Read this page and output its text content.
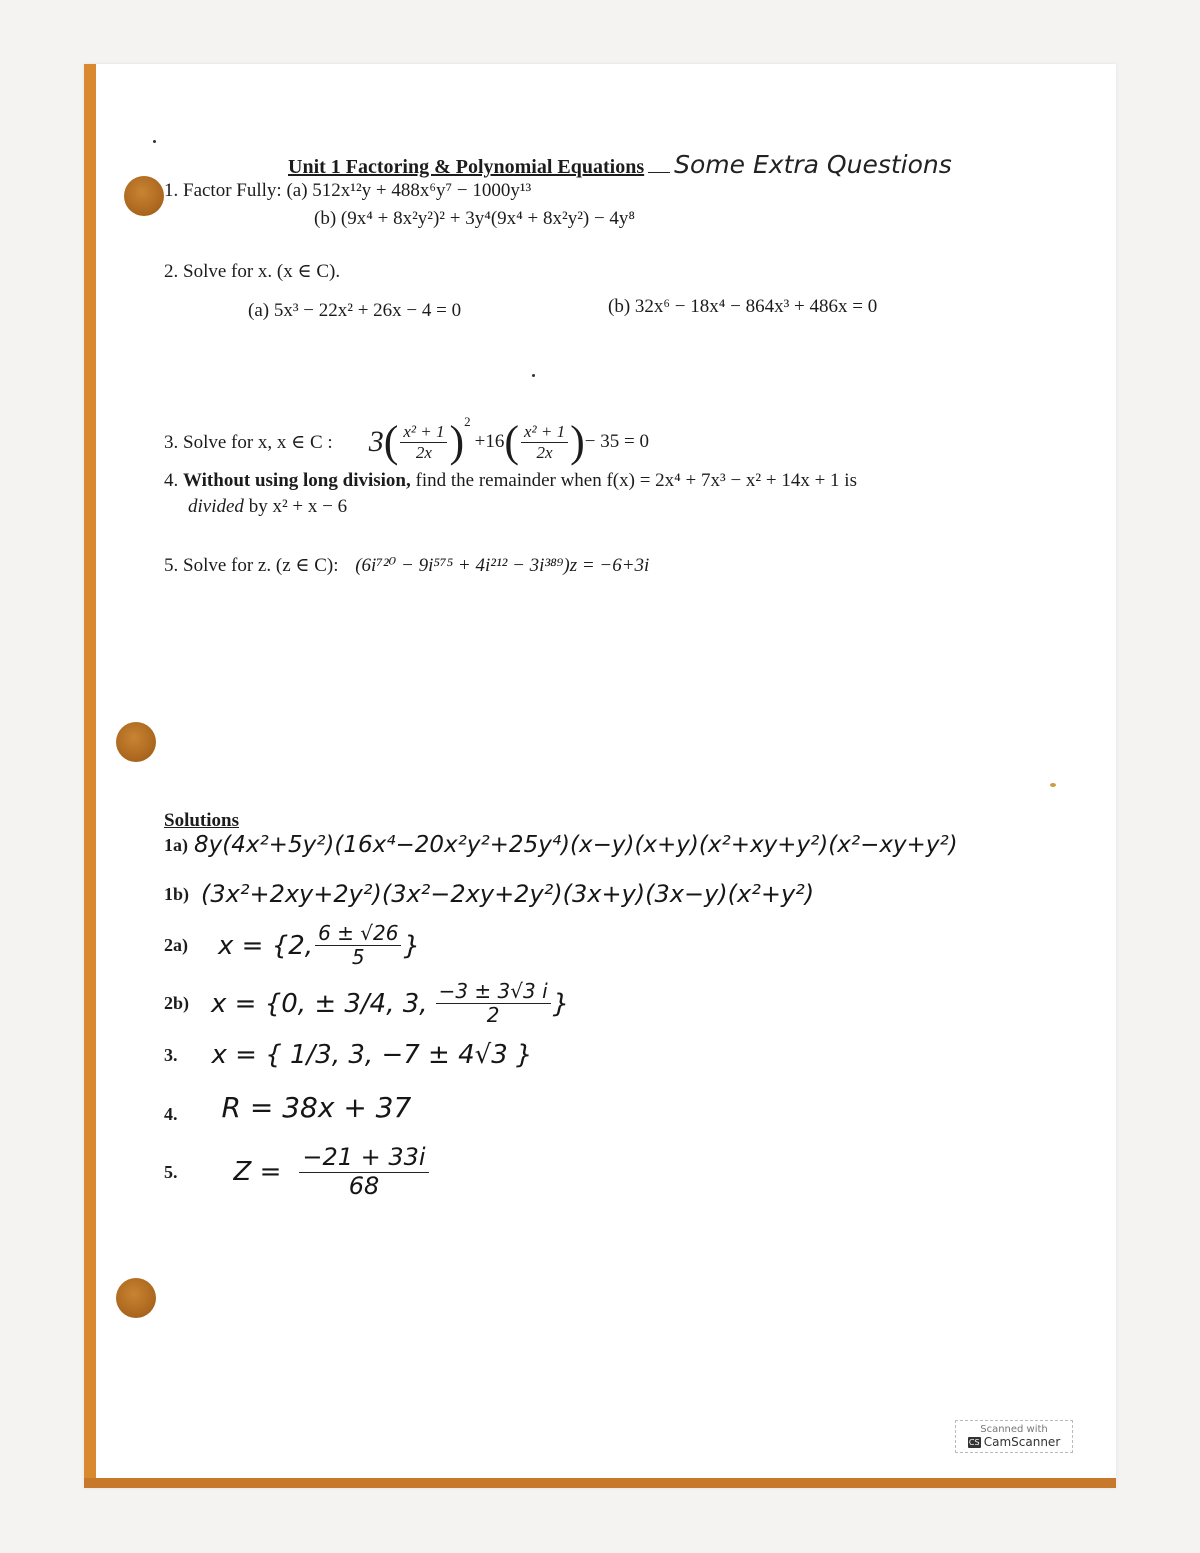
Unit 1 Factoring & Polynomial Equations Some Extra Questions
1. Factor Fully: (a) 512x¹²y + 488x⁶y⁷ − 1000y¹³
(b) (9x⁴ + 8x²y²)² + 3y⁴(9x⁴ + 8x²y²) − 4y⁸
2. Solve for x. (x ∈ C).
(a) 5x³ − 22x² + 26x − 4 = 0	(b) 32x⁶ − 18x⁴ − 864x³ + 486x = 0
3. Solve for x, x ∈ C : 3 ( $\frac{\text{x² + 1}}{2x} )^2$
+16 ( $\frac{\text{x² + 1}}{2x}$ ) − 35 = 0
4. Without using long division, find the remainder when f(x) = 2x⁴ + 7x³ − x² + 14x + 1 is
divided by x² + x − 6
5. Solve for z. (z ∈ C): (6i⁷²⁰ − 9i⁵⁷⁵ + 4i²¹² − 3i³⁸⁹)z = −6+3i
Solutions
1a) 8y(4x²+5y²)(16x⁴−20x²y²+25y⁴)(x−y)(x+y)(x²+xy+y²)(x²−xy+y²)
1b) (3x²+2xy+2y²)(3x²−2xy+2y²)(3x+y)(3x−y)(x²+y²)
2a) x = {2, $\frac{6 \pm √26}{5}$ }
2b) x = {0, ± 3/4, 3, $\frac{-3 \pm 3√3 i}{2}$ }
3. x = { 1/3, 3, −7 ± 4√3 }
4. R = 38x + 37
5. $Z = \frac{-21 + 33i}{68}$
Scanned with
CS CamScanner
